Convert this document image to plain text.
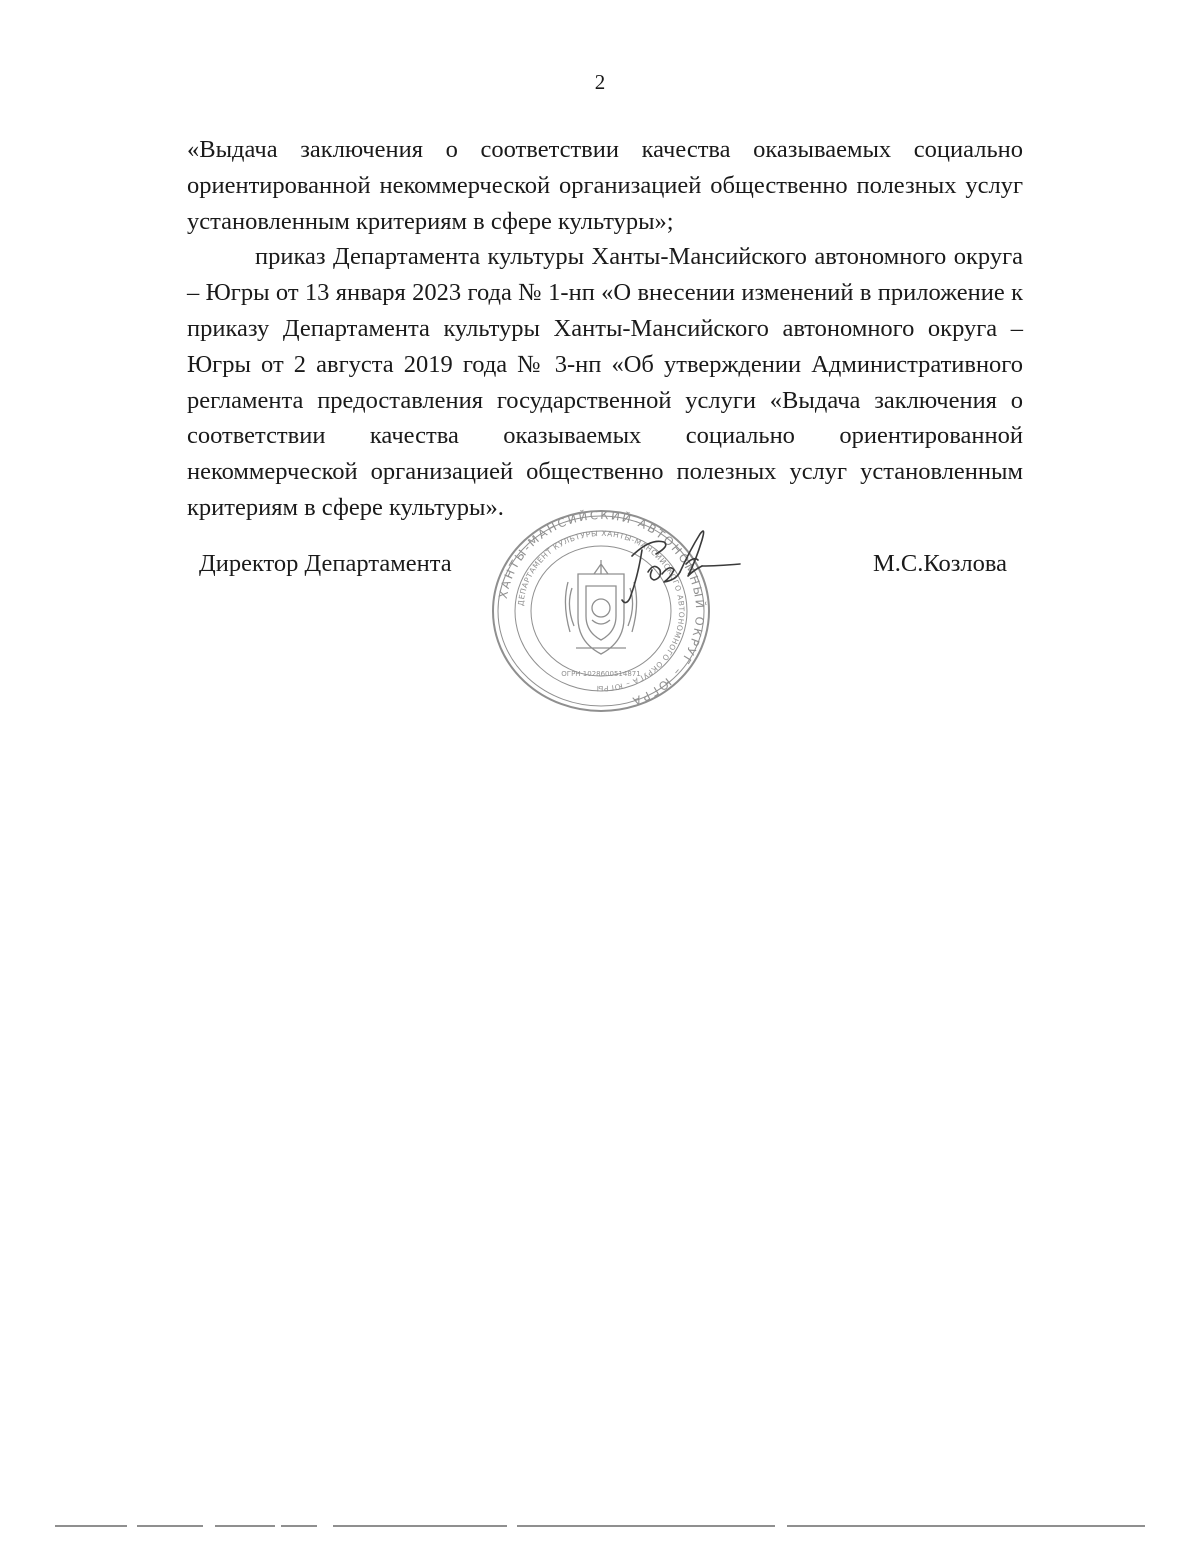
2

«Выдача заключения о соответствии качества оказываемых социально ориентированной некоммерческой организацией общественно полезных услуг установленным критериям в сфере культуры»;

приказ Департамента культуры Ханты-Мансийского автономного округа – Югры от 13 января 2023 года № 1-нп «О внесении изменений в приложение к приказу Департамента культуры Ханты-Мансийского автономного округа – Югры от 2 августа 2019 года № 3-нп «Об утверждении Административного регламента предоставления государственной услуги «Выдача заключения о соответствии качества оказываемых социально ориентированной некоммерческой организацией общественно полезных услуг установленным критериям в сфере культуры».

ХАНТЫ-МАНСИЙСКИЙ АВТОНОМНЫЙ ОКРУГ – ЮГРА
ДЕПАРТАМЕНТ КУЛЬТУРЫ ХАНТЫ-МАНСИЙСКОГО АВТОНОМНОГО ОКРУГА – ЮГРЫ
ОГРН 1028600514871
Директор Департамента	М.С.Козлова
